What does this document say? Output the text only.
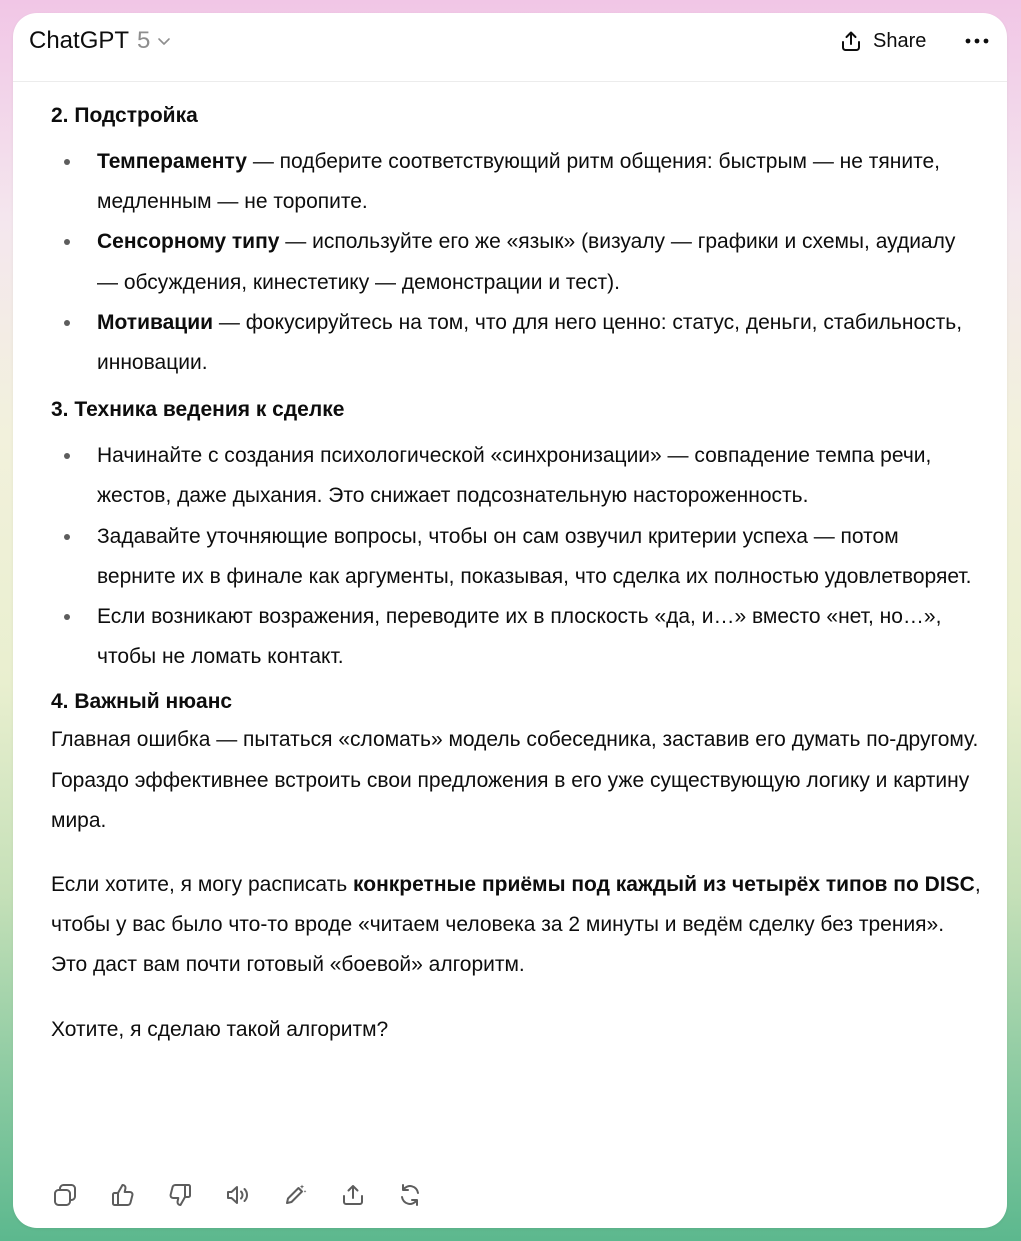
ChatGPT 5	Share
2. Подстройка
Темпераменту — подберите соответствующий ритм общения: быстрым — не тяните, медленным — не торопите.
Сенсорному типу — используйте его же «язык» (визуалу — графики и схемы, аудиалу — обсуждения, кинестетику — демонстрации и тест).
Мотивации — фокусируйтесь на том, что для него ценно: статус, деньги, стабильность, инновации.
3. Техника ведения к сделке
Начинайте с создания психологической «синхронизации» — совпадение темпа речи, жестов, даже дыхания. Это снижает подсознательную настороженность.
Задавайте уточняющие вопросы, чтобы он сам озвучил критерии успеха — потом верните их в финале как аргументы, показывая, что сделка их полностью удовлетворяет.
Если возникают возражения, переводите их в плоскость «да, и…» вместо «нет, но…», чтобы не ломать контакт.
4. Важный нюанс

Главная ошибка — пытаться «сломать» модель собеседника, заставив его думать по-другому. Гораздо эффективнее встроить свои предложения в его уже существующую логику и картину мира.

Если хотите, я могу расписать конкретные приёмы под каждый из четырёх типов по DISC, чтобы у вас было что-то вроде «читаем человека за 2 минуты и ведём сделку без трения». Это даст вам почти готовый «боевой» алгоритм.

Хотите, я сделаю такой алгоритм?
